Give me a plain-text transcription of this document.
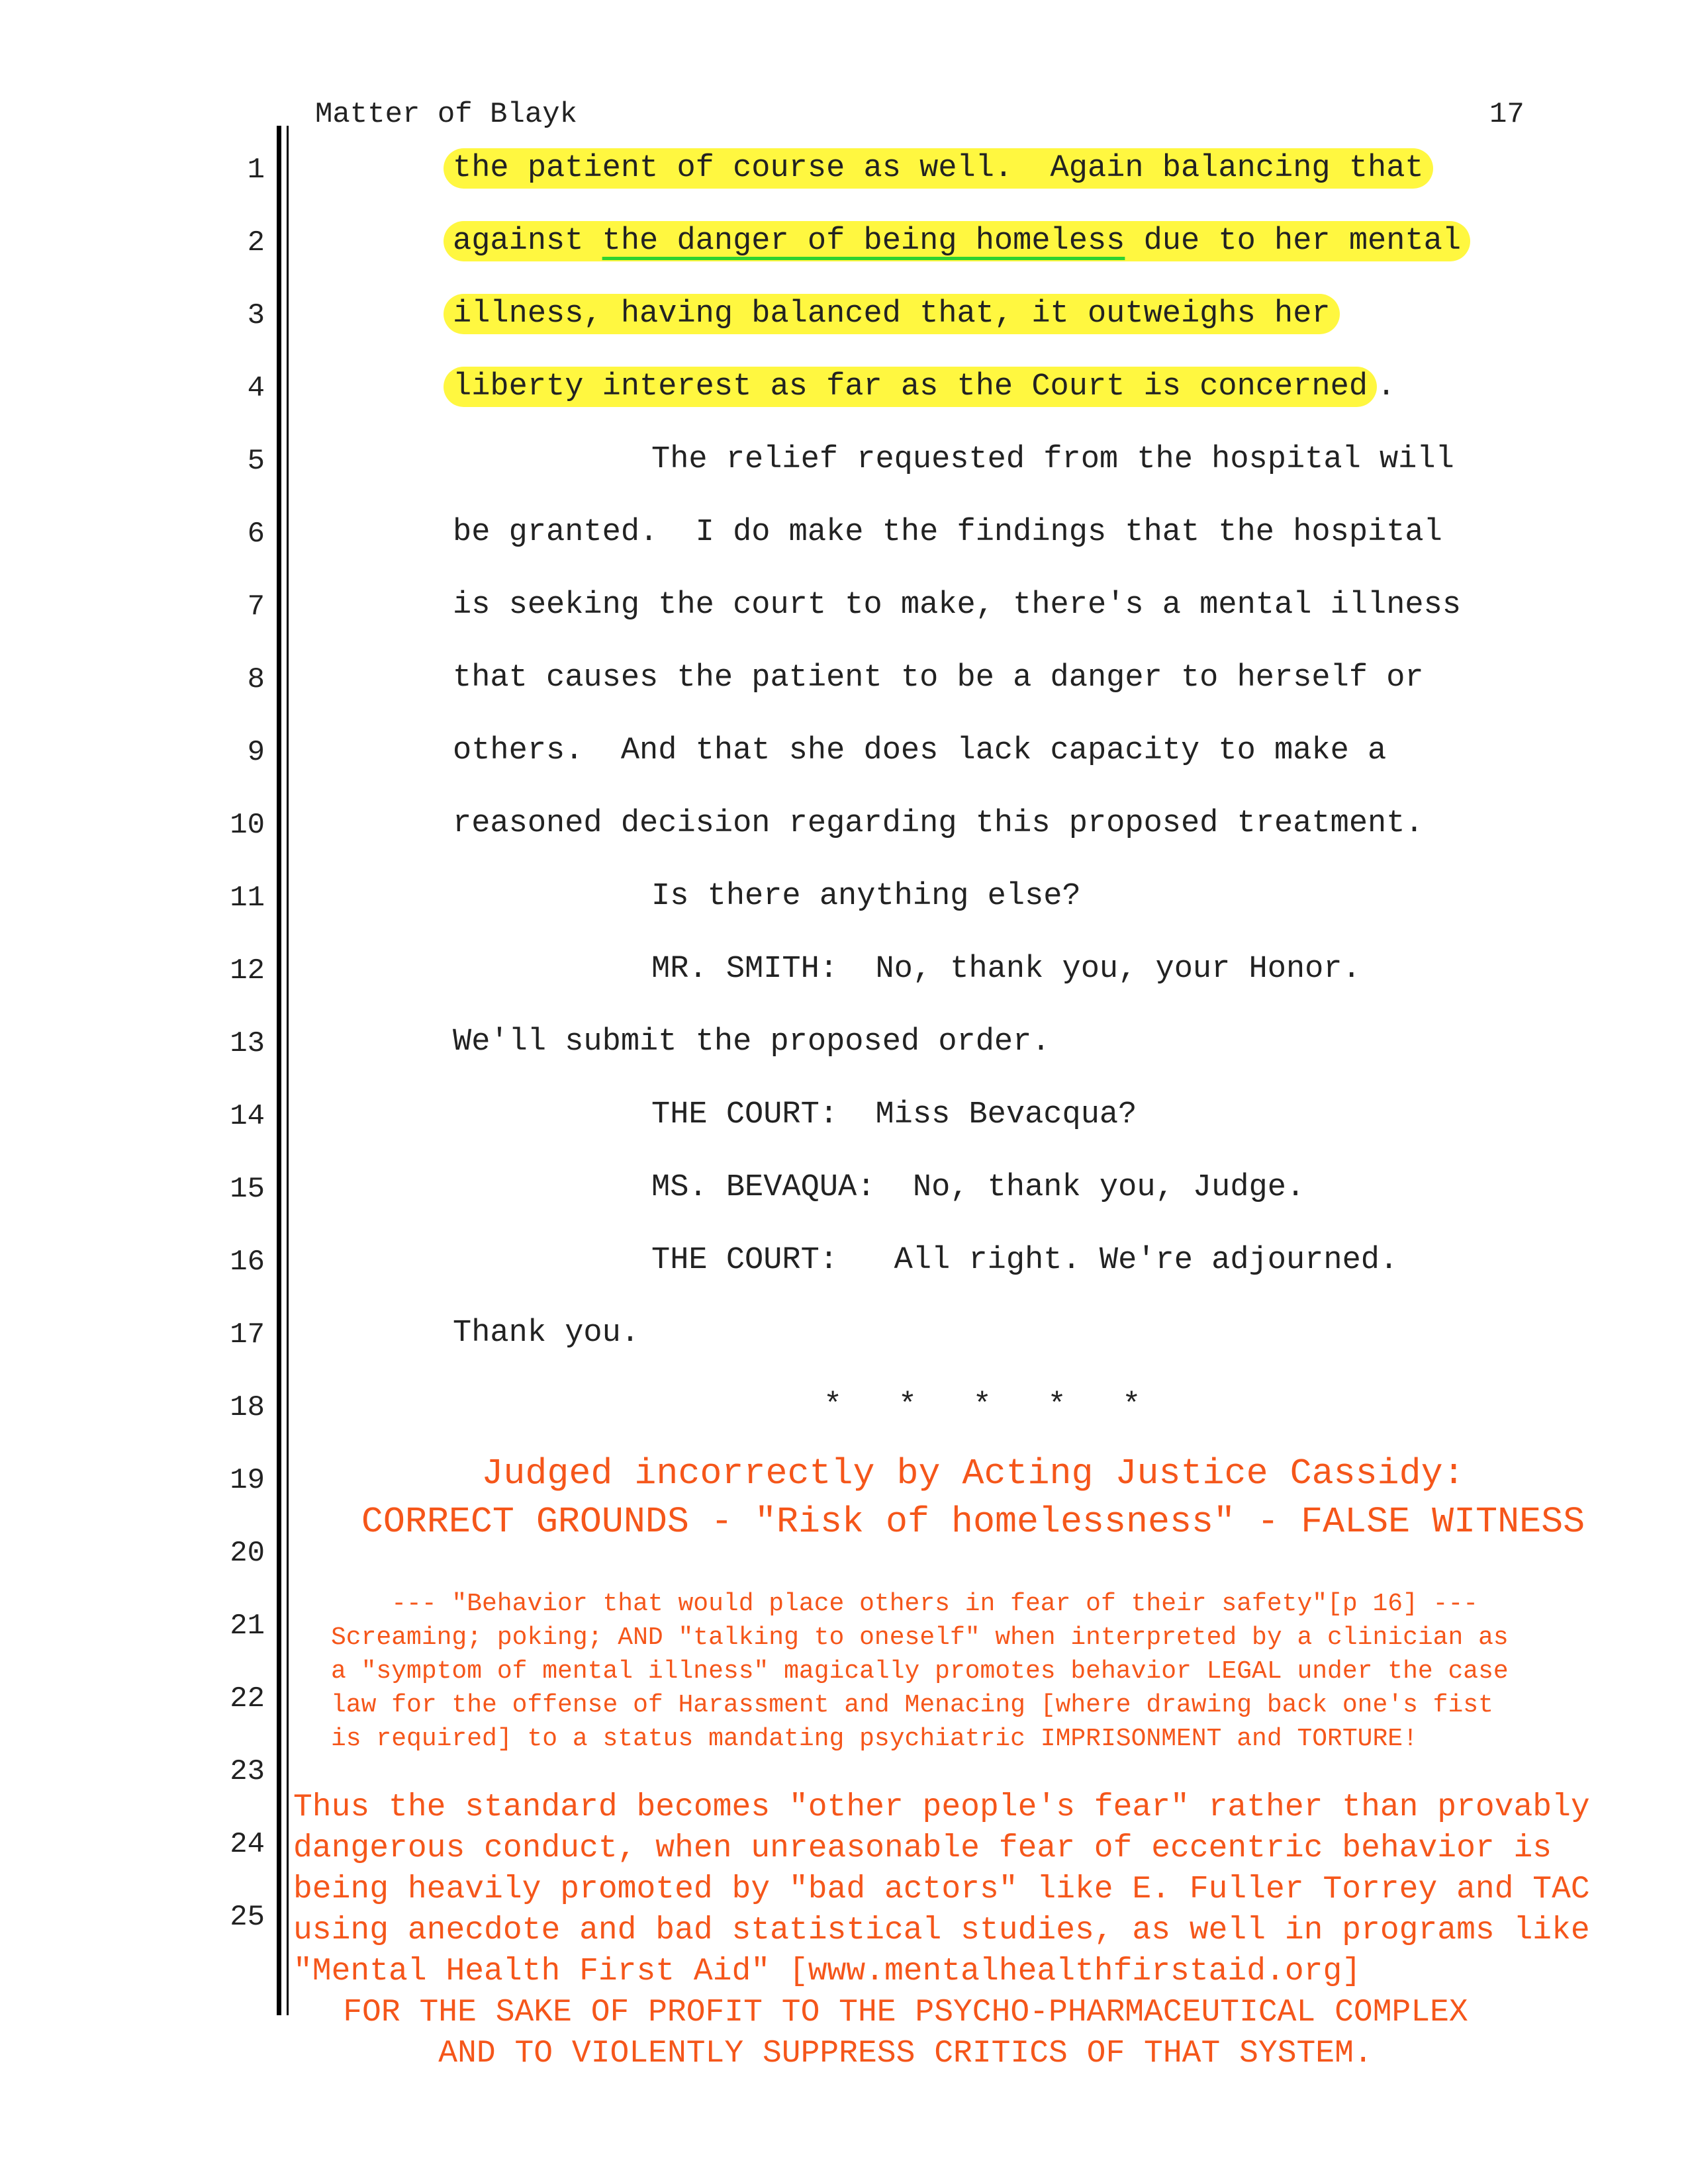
Matter of Blayk	17
1
2
3
4
5
6
7
8
9
10
11
12
13
14
15
16
17
18
19
20
21
22
23
24
25
the patient of course as well.  Again balancing that
against the danger of being homeless due to her mental
illness, having balanced that, it outweighs her
liberty interest as far as the Court is concerned .
The relief requested from the hospital will
be granted.  I do make the findings that the hospital
is seeking the court to make, there's a mental illness
that causes the patient to be a danger to herself or
others.  And that she does lack capacity to make a
reasoned decision regarding this proposed treatment.
Is there anything else?
MR. SMITH:  No, thank you, your Honor.
We'll submit the proposed order.
THE COURT:  Miss Bevacqua?
MS. BEVAQUA:  No, thank you, Judge.
THE COURT:   All right. We're adjourned.
Thank you.
*   *   *   *   *
Judged incorrectly by Acting Justice Cassidy:
CORRECT GROUNDS - "Risk of homelessness" - FALSE WITNESS
--- "Behavior that would place others in fear of their safety"[p 16] ---
Screaming; poking; AND "talking to oneself" when interpreted by a clinician as
a "symptom of mental illness" magically promotes behavior LEGAL under the case
law for the offense of Harassment and Menacing [where drawing back one's fist
is required] to a status mandating psychiatric IMPRISONMENT and TORTURE!
Thus the standard becomes "other people's fear" rather than provably
dangerous conduct, when unreasonable fear of eccentric behavior is
being heavily promoted by "bad actors" like E. Fuller Torrey and TAC
using anecdote and bad statistical studies, as well in programs like
"Mental Health First Aid" [www.mentalhealthfirstaid.org]
FOR THE SAKE OF PROFIT TO THE PSYCHO-PHARMACEUTICAL COMPLEX
AND TO VIOLENTLY SUPPRESS CRITICS OF THAT SYSTEM.
